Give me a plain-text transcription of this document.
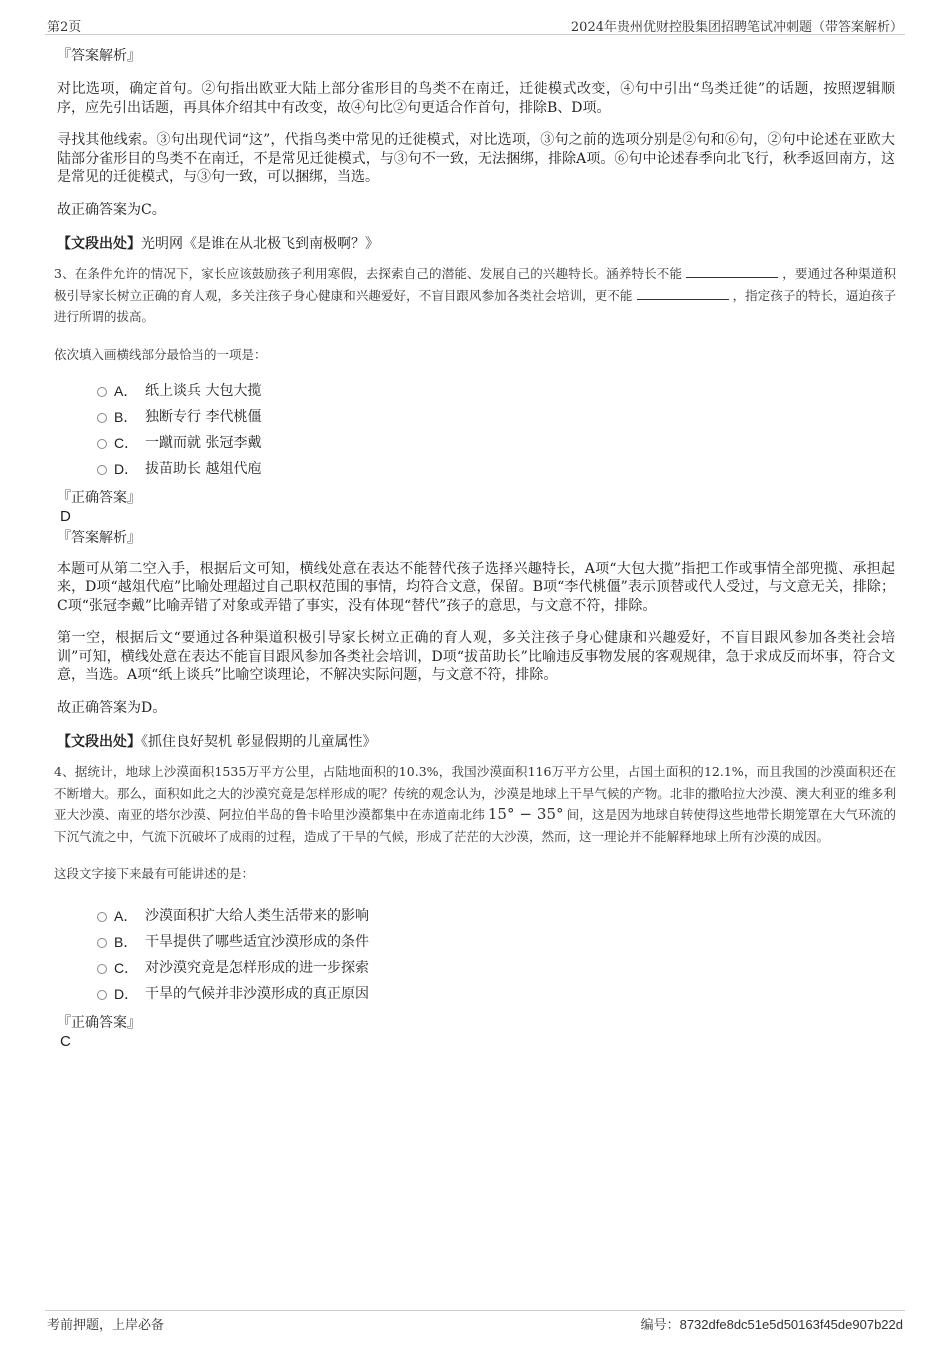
第2页	2024年贵州优财控股集团招聘笔试冲刺题（带答案解析）

『答案解析』

对比选项，确定首句。②句指出欧亚大陆上部分雀形目的鸟类不在南迁，迁徙模式改变，④句中引出“鸟类迁徙”的话题，按照逻辑顺序，应先引出话题，再具体介绍其中有改变，故④句比②句更适合作首句，排除B、D项。

寻找其他线索。③句出现代词“这”，代指鸟类中常见的迁徙模式，对比选项，③句之前的选项分别是②句和⑥句，②句中论述在亚欧大陆部分雀形目的鸟类不在南迁，不是常见迁徙模式，与③句不一致，无法捆绑，排除A项。⑥句中论述春季向北飞行，秋季返回南方，这是常见的迁徙模式，与③句一致，可以捆绑，当选。

故正确答案为C。

【文段出处】光明网《是谁在从北极飞到南极啊？》

3、在条件允许的情况下，家长应该鼓励孩子利用寒假，去探索自己的潜能、发展自己的兴趣特长。涵养特长不能	，要通过各种渠道积极引导家长树立正确的育人观，多关注孩子身心健康和兴趣爱好，不盲目跟风参加各类社会培训，更不能	，指定孩子的特长，逼迫孩子进行所谓的拔高。

依次填入画横线部分最恰当的一项是：

A． 纸上谈兵 大包大揽
B． 独断专行 李代桃僵
C． 一蹴而就 张冠李戴
D． 拔苗助长 越俎代庖

『正确答案』

D

『答案解析』

本题可从第二空入手，根据后文可知，横线处意在表达不能替代孩子选择兴趣特长，A项“大包大揽”指把工作或事情全部兜揽、承担起来，D项“越俎代庖”比喻处理超过自己职权范围的事情，均符合文意，保留。B项“李代桃僵”表示顶替或代人受过，与文意无关，排除；C项“张冠李戴”比喻弄错了对象或弄错了事实，没有体现“替代”孩子的意思，与文意不符，排除。

第一空，根据后文“要通过各种渠道积极引导家长树立正确的育人观，多关注孩子身心健康和兴趣爱好，不盲目跟风参加各类社会培训”可知，横线处意在表达不能盲目跟风参加各类社会培训，D项“拔苗助长”比喻违反事物发展的客观规律，急于求成反而坏事，符合文意，当选。A项“纸上谈兵”比喻空谈理论，不解决实际问题，与文意不符，排除。

故正确答案为D。

【文段出处】《抓住良好契机 彰显假期的儿童属性》

4、据统计，地球上沙漠面积1535万平方公里，占陆地面积的10.3%，我国沙漠面积116万平方公里，占国土面积的12.1%，而且我国的沙漠面积还在不断增大。那么，面积如此之大的沙漠究竟是怎样形成的呢？传统的观念认为，沙漠是地球上干旱气候的产物。北非的撒哈拉大沙漠、澳大利亚的维多利亚大沙漠、南亚的塔尔沙漠、阿拉伯半岛的鲁卡哈里沙漠都集中在赤道南北纬 15° − 35° 间，这是因为地球自转使得这些地带长期笼罩在大气环流的下沉气流之中，气流下沉破坏了成雨的过程，造成了干旱的气候，形成了茫茫的大沙漠，然而，这一理论并不能解释地球上所有沙漠的成因。

这段文字接下来最有可能讲述的是：

A． 沙漠面积扩大给人类生活带来的影响
B． 干旱提供了哪些适宜沙漠形成的条件
C． 对沙漠究竟是怎样形成的进一步探索
D． 干旱的气候并非沙漠形成的真正原因

『正确答案』

C

考前押题，上岸必备	编号：8732dfe8dc51e5d50163f45de907b22d
